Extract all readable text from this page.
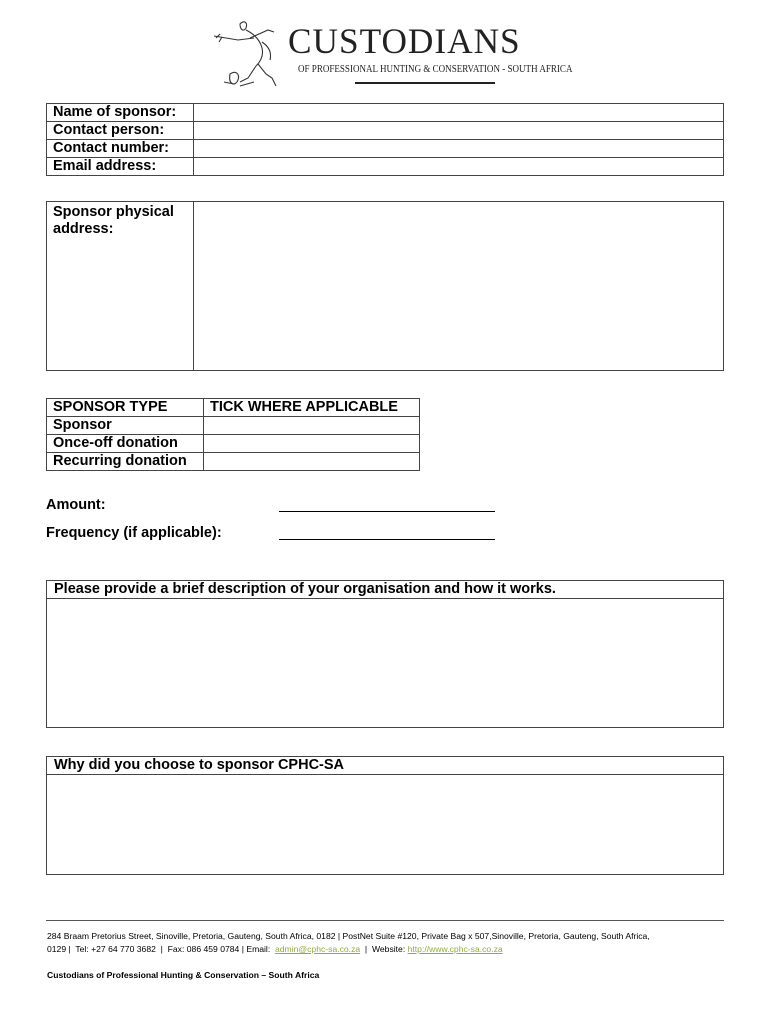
CUSTODIANS
OF PROFESSIONAL HUNTING & CONSERVATION - SOUTH AFRICA
Name of sponsor:	
Contact person:	
Contact number:	
Email address:	
Sponsor physical
address:

SPONSOR TYPE	TICK WHERE APPLICABLE
Sponsor	
Once-off donation	
Recurring donation	
Amount:
Frequency (if applicable):
Please provide a brief description of your organisation and how it works.
Why did you choose to sponsor CPHC-SA
284 Braam Pretorius Street, Sinoville, Pretoria, Gauteng, South Africa, 0182 | PostNet Suite #120, Private Bag x 507,Sinoville, Pretoria, Gauteng, South Africa,
0129 |  Tel: +27 64 770 3682  |  Fax: 086 459 0784 | Email:  admin@cphc-sa.co.za  |  Website: http://www.cphc-sa.co.za
Custodians of Professional Hunting & Conservation – South Africa
